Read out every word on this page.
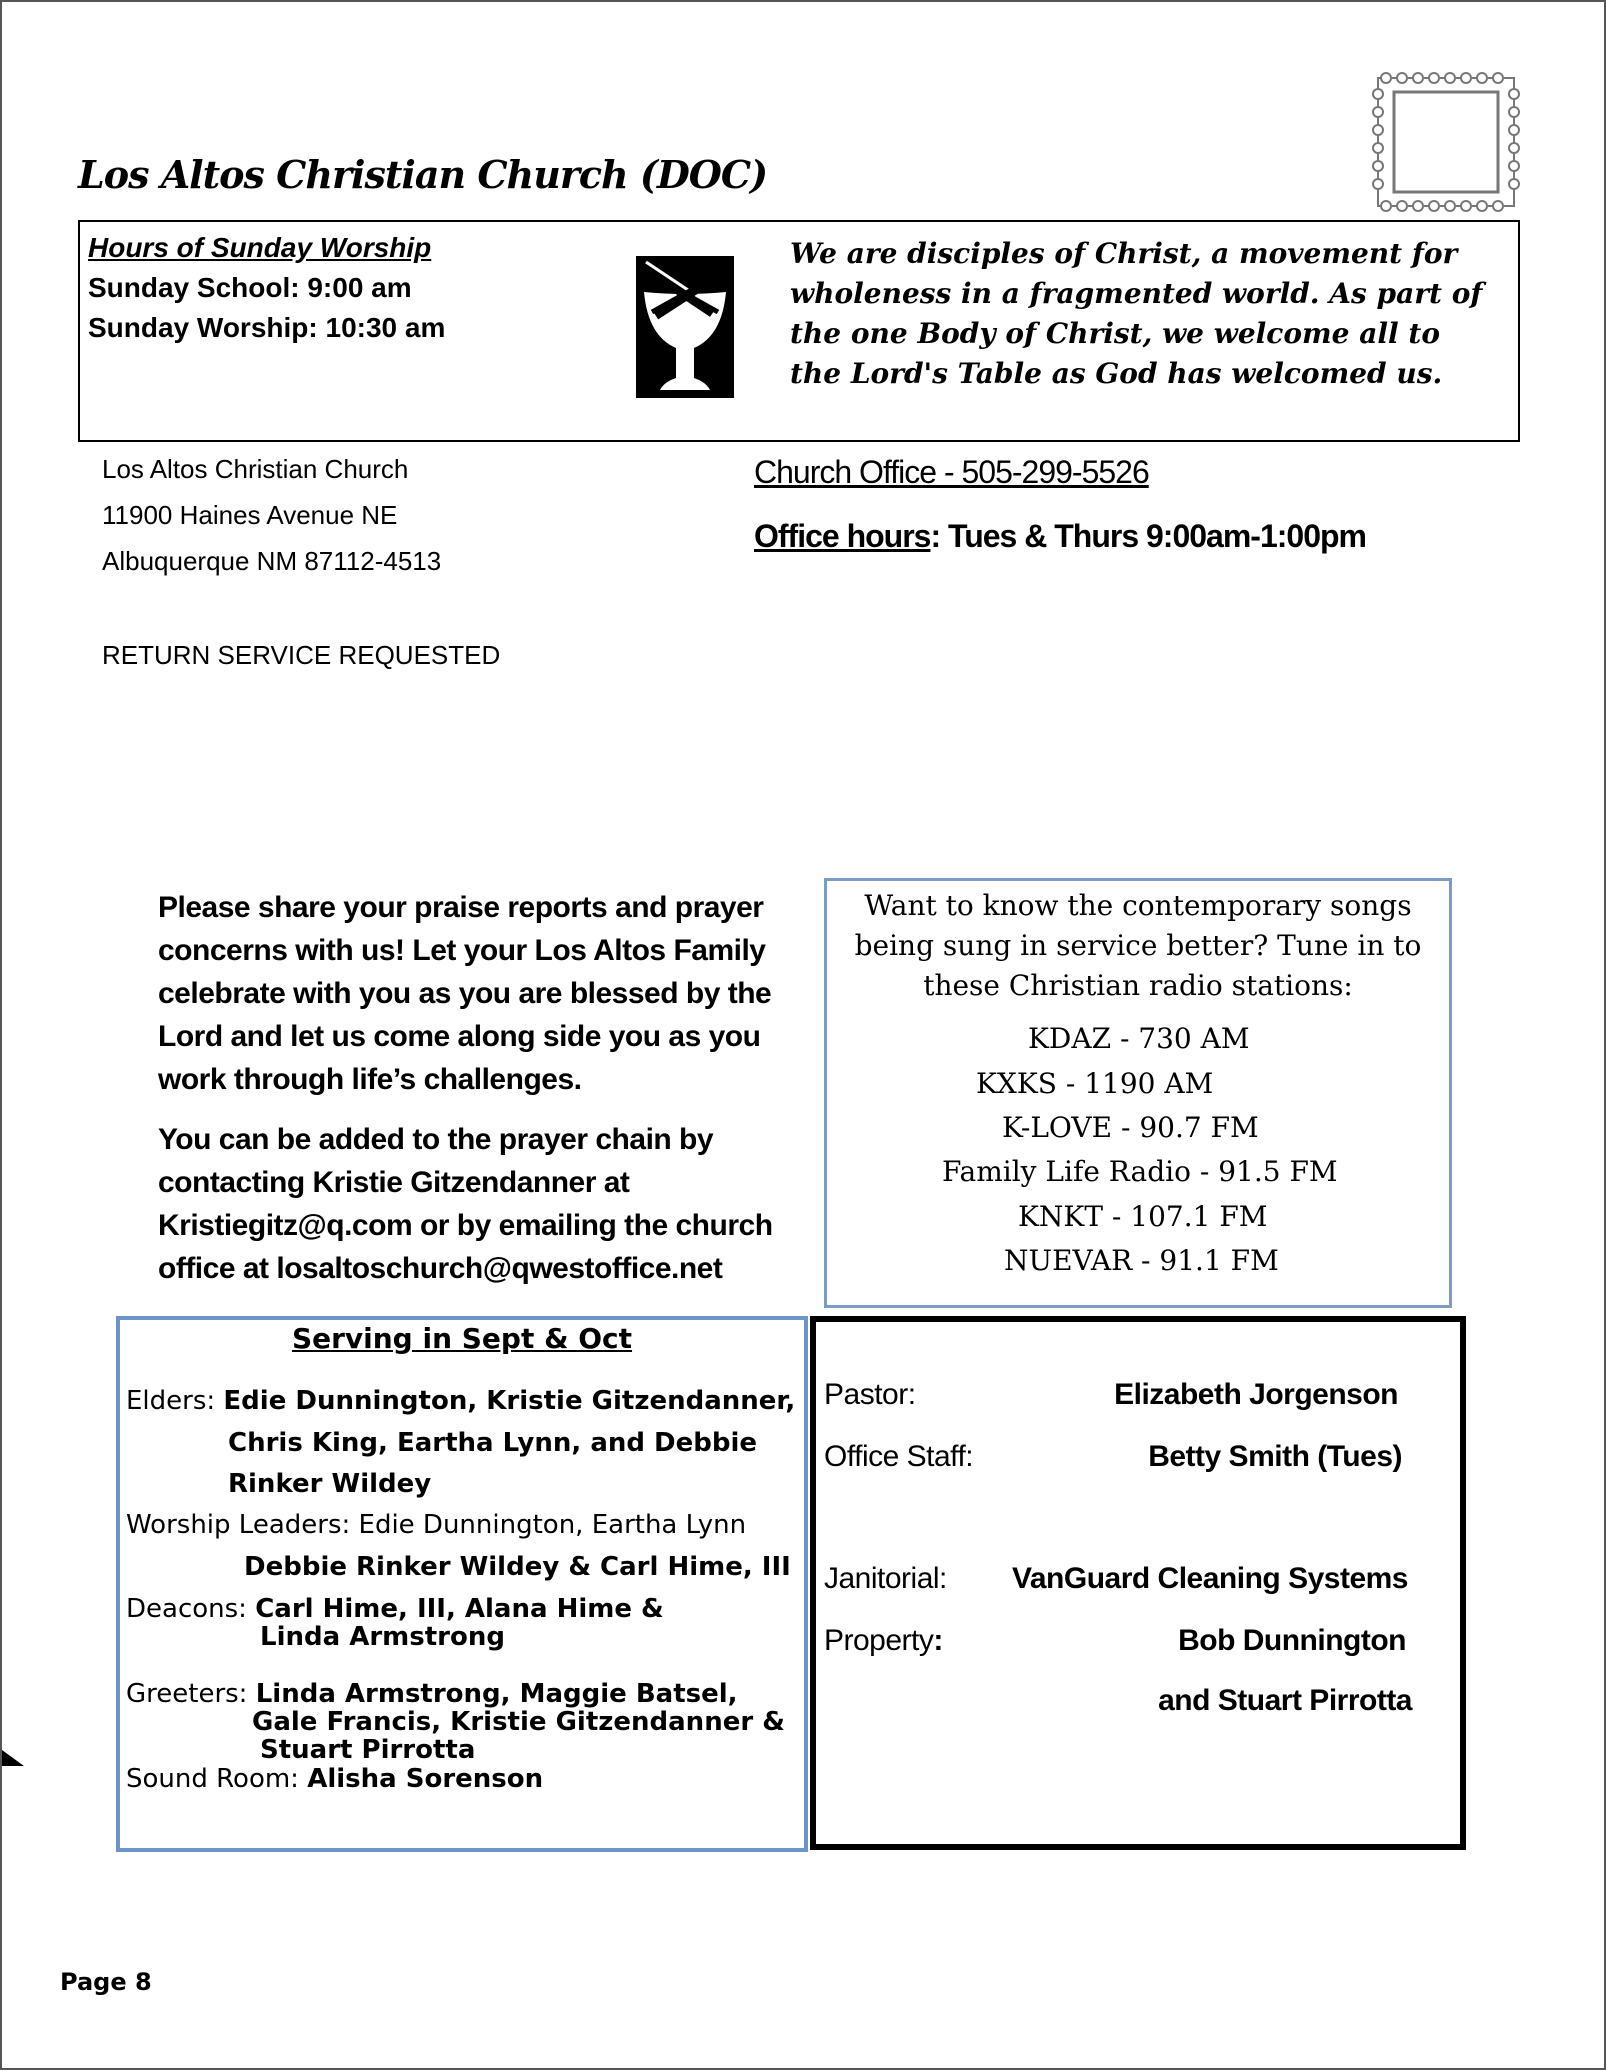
Los Altos Christian Church (DOC)
Hours of Sunday Worship
Sunday School: 9:00 am
Sunday Worship: 10:30 am
We are disciples of Christ, a movement for wholeness in a fragmented world. As part of the one Body of Christ, we welcome all to the Lord's Table as God has welcomed us.
Los Altos Christian Church
11900 Haines Avenue NE
Albuquerque NM 87112-4513
RETURN SERVICE REQUESTED
Church Office - 505-299-5526
Office hours: Tues & Thurs 9:00am-1:00pm

Please share your praise reports and prayer concerns with us! Let your Los Altos Family celebrate with you as you are blessed by the Lord and let us come along side you as you work through life’s challenges.

You can be added to the prayer chain by contacting Kristie Gitzendanner at Kristiegitz@q.com or by emailing the church office at losaltoschurch@qwestoffice.net

Want to know the contemporary songs being sung in service better? Tune in to these Christian radio stations:
KDAZ - 730 AM
KXKS - 1190 AM
K-LOVE - 90.7 FM
Family Life Radio - 91.5 FM
KNKT - 107.1 FM
NUEVAR - 91.1 FM
Serving in Sept & Oct
Elders: Edie Dunnington, Kristie Gitzendanner,
Chris King, Eartha Lynn, and Debbie
Rinker Wildey
Worship Leaders: Edie Dunnington, Eartha Lynn
Debbie Rinker Wildey & Carl Hime, III
Deacons: Carl Hime, III, Alana Hime &
Linda Armstrong
Greeters: Linda Armstrong, Maggie Batsel,
Gale Francis, Kristie Gitzendanner &
Stuart Pirrotta
Sound Room: Alisha Sorenson
Pastor:	Elizabeth Jorgenson
Office Staff:	Betty Smith (Tues)
Janitorial: VanGuard Cleaning Systems
Property:	Bob Dunnington
and Stuart Pirrotta
Page 8
